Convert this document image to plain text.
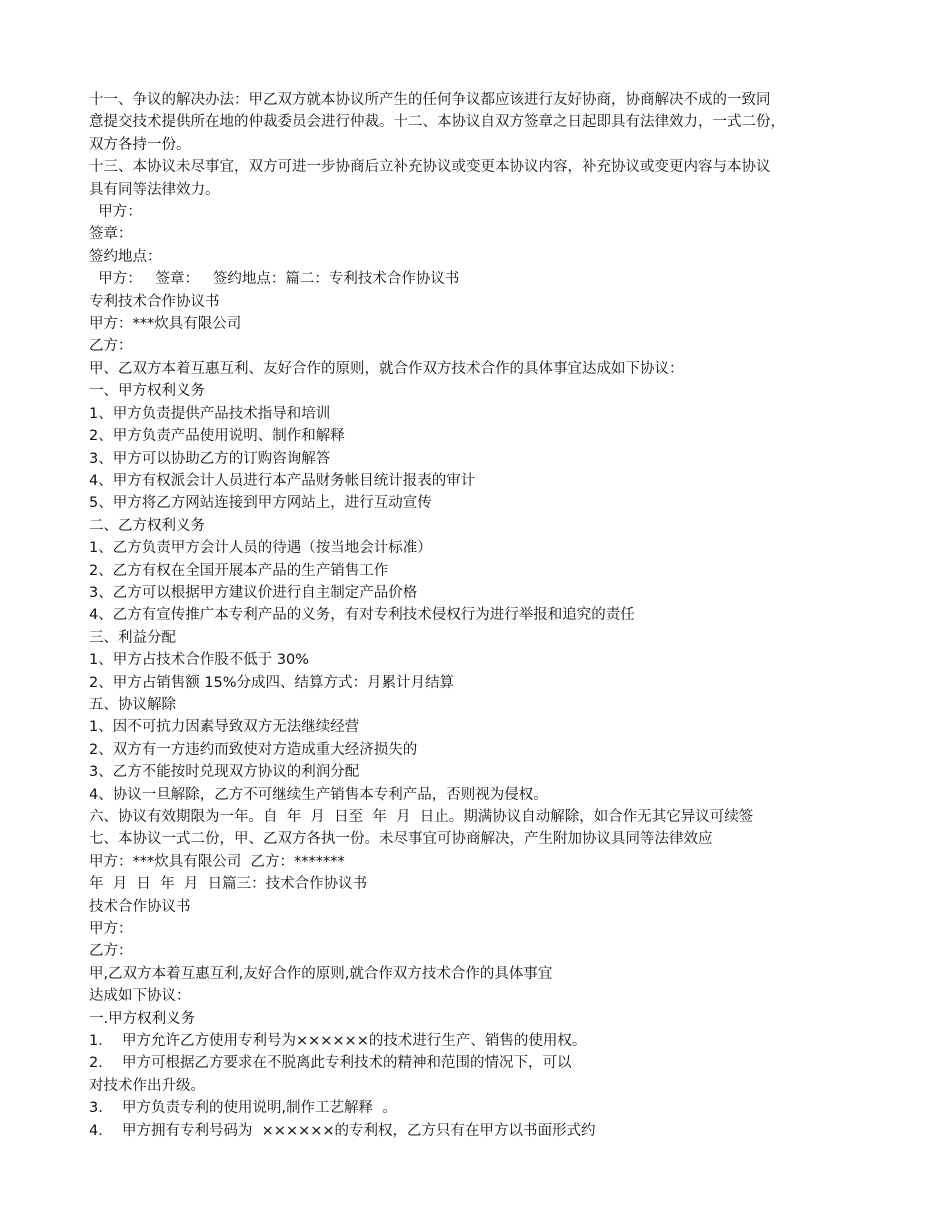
十一、争议的解决办法：甲乙双方就本协议所产生的任何争议都应该进行友好协商，协商解决不成的一致同
意提交技术提供所在地的仲裁委员会进行仲裁。十二、本协议自双方签章之日起即具有法律效力，一式二份，
双方各持一份。
十三、本协议未尽事宜，双方可进一步协商后立补充协议或变更本协议内容，补充协议或变更内容与本协议
具有同等法律效力。
甲方：
签章：
签约地点：
甲方：   签章：   签约地点：篇二：专利技术合作协议书
专利技术合作协议书
甲方：***炊具有限公司
乙方：
甲、乙双方本着互惠互利、友好合作的原则，就合作双方技术合作的具体事宜达成如下协议：
一、甲方权利义务
1、甲方负责提供产品技术指导和培训
2、甲方负责产品使用说明、制作和解释
3、甲方可以协助乙方的订购咨询解答
4、甲方有权派会计人员进行本产品财务帐目统计报表的审计
5、甲方将乙方网站连接到甲方网站上，进行互动宣传
二、乙方权利义务
1、乙方负责甲方会计人员的待遇（按当地会计标准）
2、乙方有权在全国开展本产品的生产销售工作
3、乙方可以根据甲方建议价进行自主制定产品价格
4、乙方有宣传推广本专利产品的义务，有对专利技术侵权行为进行举报和追究的责任
三、利益分配
1、甲方占技术合作股不低于 30%
2、甲方占销售额 15%分成四、结算方式：月累计月结算
五、协议解除
1、因不可抗力因素导致双方无法继续经营
2、双方有一方违约而致使对方造成重大经济损失的
3、乙方不能按时兑现双方协议的利润分配
4、协议一旦解除，乙方不可继续生产销售本专利产品，否则视为侵权。
六、协议有效期限为一年。自  年  月  日至  年  月  日止。期满协议自动解除，如合作无其它异议可续签
七、本协议一式二份，甲、乙双方各执一份。未尽事宜可协商解决，产生附加协议具同等法律效应
甲方：***炊具有限公司  乙方：*******
年  月  日  年  月  日篇三：技术合作协议书
技术合作协议书
甲方：
乙方：
甲,乙双方本着互惠互利,友好合作的原则,就合作双方技术合作的具体事宜
达成如下协议：
一.甲方权利义务
1．  甲方允许乙方使用专利号为××××××的技术进行生产、销售的使用权。
2．  甲方可根据乙方要求在不脱离此专利技术的精神和范围的情况下，可以
对技术作出升级。
3．  甲方负责专利的使用说明,制作工艺解释  。
4．  甲方拥有专利号码为  ××××××的专利权，乙方只有在甲方以书面形式约
